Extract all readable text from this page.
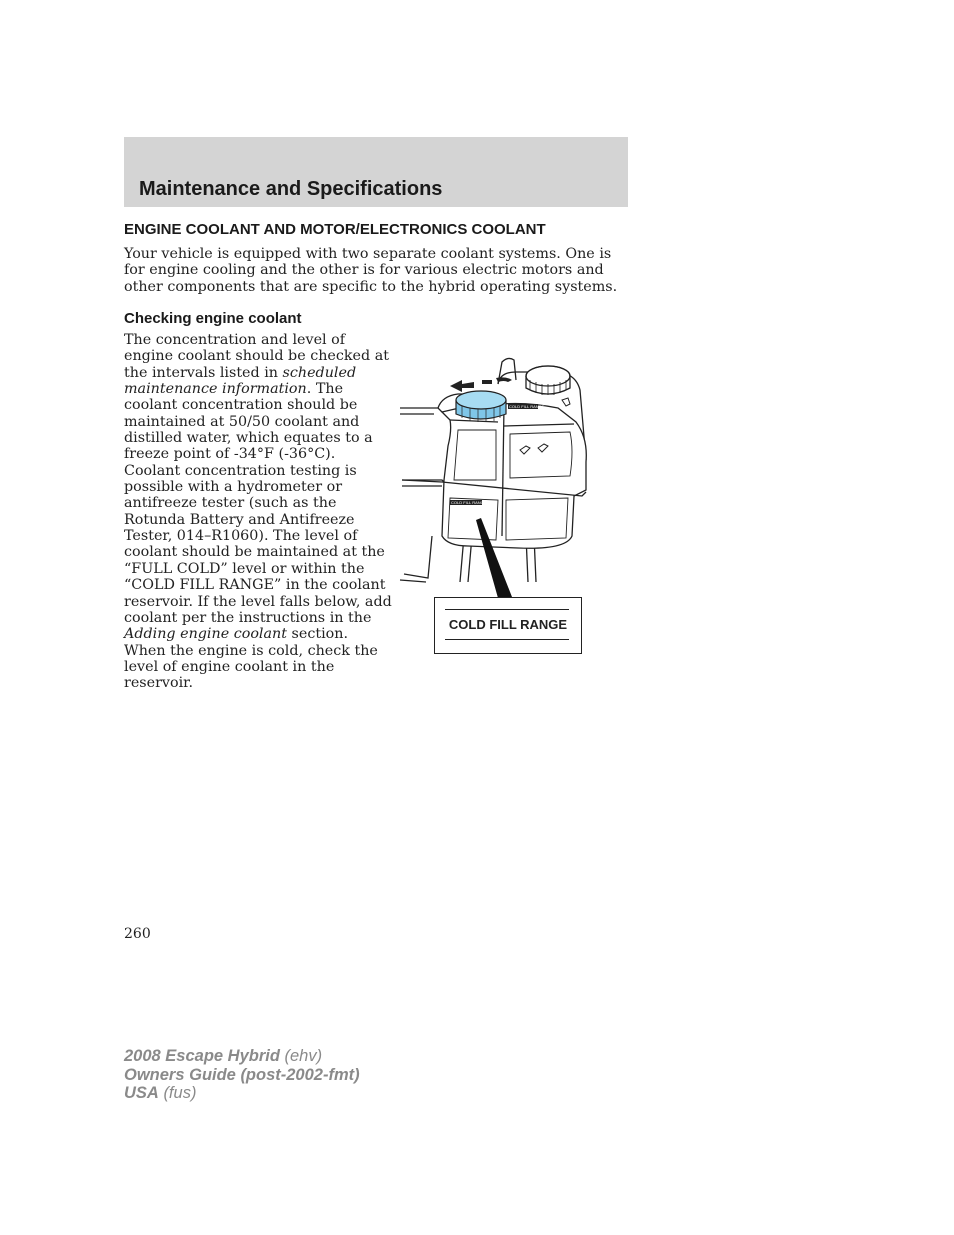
Maintenance and Specifications
ENGINE COOLANT AND MOTOR/ELECTRONICS COOLANT

Your vehicle is equipped with two separate coolant systems. One is for engine cooling and the other is for various electric motors and other components that are specific to the hybrid operating systems.

Checking engine coolant

The concentration and level of
engine coolant should be checked at
the intervals listed in scheduled
maintenance information. The
coolant concentration should be
maintained at 50/50 coolant and
distilled water, which equates to a
freeze point of -34°F (-36°C).
Coolant concentration testing is
possible with a hydrometer or
antifreeze tester (such as the
Rotunda Battery and Antifreeze
Tester, 014–R1060). The level of
coolant should be maintained at the
“FULL COLD” level or within the
“COLD FILL RANGE” in the coolant
reservoir. If the level falls below, add
coolant per the instructions in the
Adding engine coolant section.
When the engine is cold, check the
level of engine coolant in the
reservoir.

COLD FILL RANGE
COLD FILL RANGE

COLD FILL RANGE

260

2008 Escape Hybrid (ehv)
Owners Guide (post-2002-fmt)
USA (fus)
